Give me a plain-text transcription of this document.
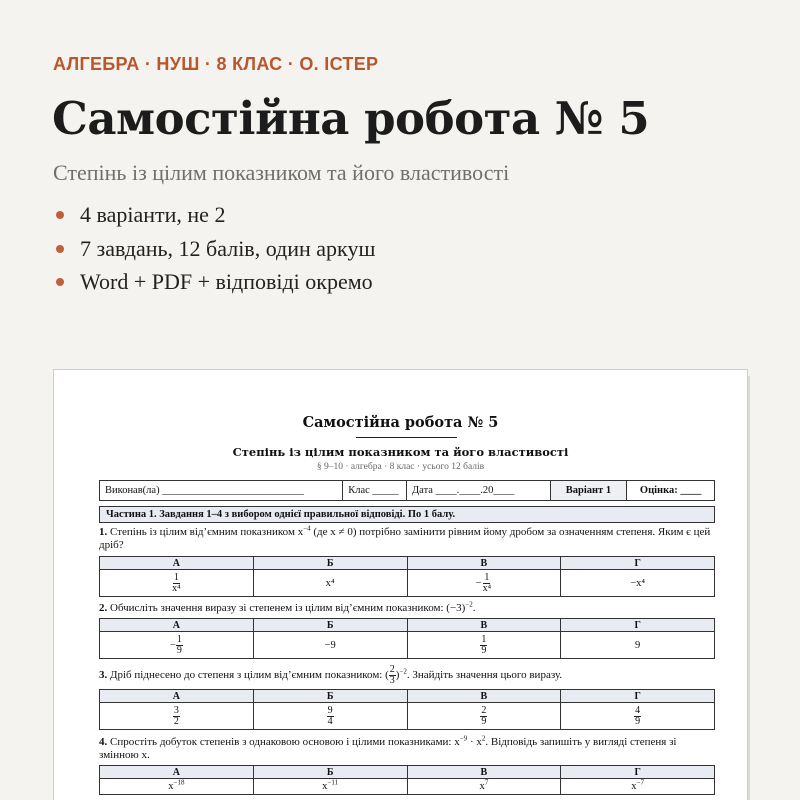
АЛГЕБРА · НУШ · 8 КЛАС · О. ІСТЕР
Самостійна робота № 5
Степінь із цілим показником та його властивості
4 варіанти, не 2
7 завдань, 12 балів, один аркуш
Word + PDF + відповіді окремо
Самостійна робота № 5
Степінь із цілим показником та його властивості
§ 9–10 · алгебра · 8 клас · усього 12 балів
Виконав(ла) ___________________________	Клас _____	Дата ____.____.20____	Варіант 1	Оцінка: ____
Частина 1. Завдання 1–4 з вибором однієї правильної відповіді. По 1 балу.
1. Степінь із цілим від’ємним показником $x^{-4}$ (де x ≠ 0) потрібно замінити рівним йому дробом за означенням степеня. Яким є цей дріб?
А	Б	В	Г

$\frac{1}{\text{x⁴}}$	x⁴	− $\frac{1}{\text{x⁴}}$	−x⁴
2. Обчисліть значення виразу зі степенем із цілим від’ємним показником: $(-3)^{-2}$.
А	Б	В	Г

− $\frac{1}{9}$	−9	$\frac{1}{9}$	9
3. Дріб піднесено до степеня з цілим від’ємним показником: ( $\frac{2}{3} )^{-2}$. Знайдіть значення цього виразу.
А	Б	В	Г

$\frac{3}{2}$	$\frac{9}{4}$	$\frac{2}{9}$	$\frac{4}{9}$
4. Спростіть добуток степенів з однаковою основою і цілими показниками: $x^{-9} \cdot x^2$. Відповідь запишіть у вигляді степеня зі змінною x.
А	Б	В	Г
$x^{-18}$	$x^{-11}$	$x^7$	$x^{-7}$
